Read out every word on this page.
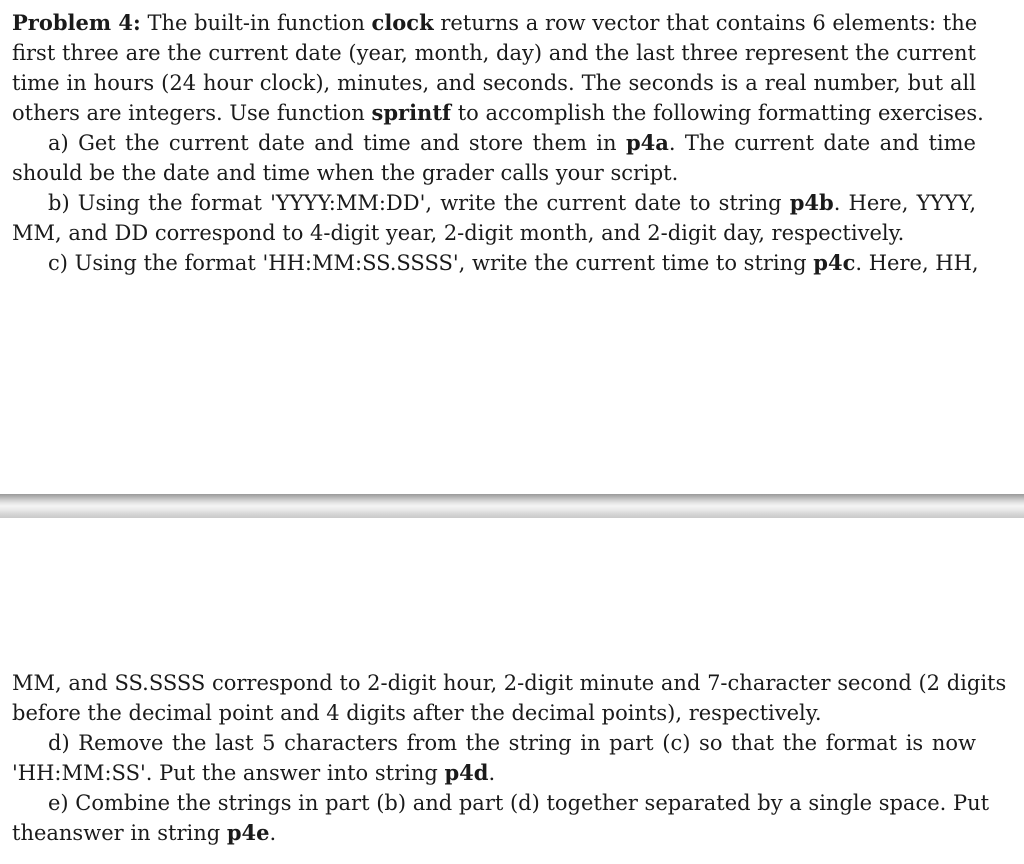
Problem 4: The built-in function clock returns a row vector that contains 6 elements: the
first three are the current date (year, month, day) and the last three represent the current
time in hours (24 hour clock), minutes, and seconds. The seconds is a real number, but all
others are integers. Use function sprintf to accomplish the following formatting exercises.
a) Get the current date and time and store them in p4a. The current date and time
should be the date and time when the grader calls your script.
b) Using the format 'YYYY:MM:DD', write the current date to string p4b. Here, YYYY,
MM, and DD correspond to 4-digit year, 2-digit month, and 2-digit day, respectively.
c) Using the format 'HH:MM:SS.SSSS', write the current time to string p4c. Here, HH,
MM, and SS.SSSS correspond to 2-digit hour, 2-digit minute and 7-character second (2 digits
before the decimal point and 4 digits after the decimal points), respectively.
d) Remove the last 5 characters from the string in part (c) so that the format is now
'HH:MM:SS'. Put the answer into string p4d.
e) Combine the strings in part (b) and part (d) together separated by a single space. Put
theanswer in string p4e.
